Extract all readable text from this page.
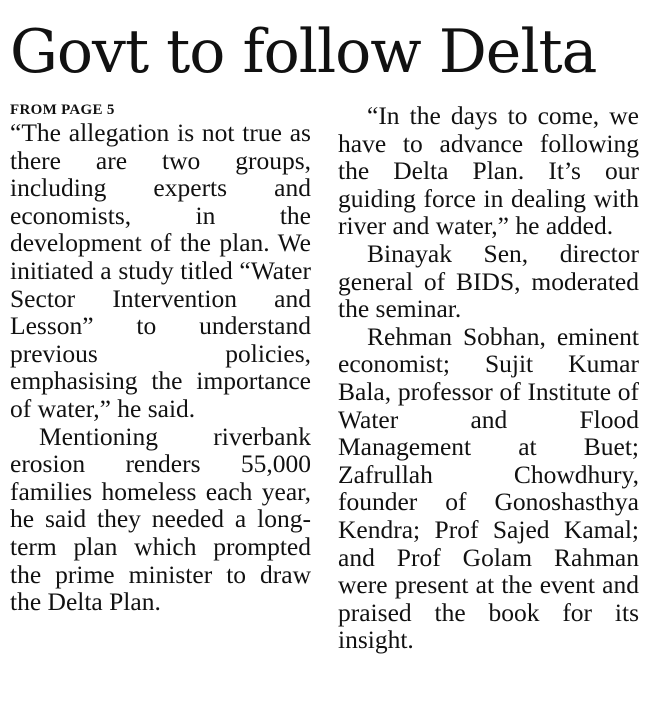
Govt to follow Delta
FROM PAGE 5

“The allegation is not true as there are two groups, including experts and economists, in the development of the plan. We initiated a study titled “Water Sector Intervention and Lesson” to understand previous policies, emphasising the importance of water,” he said.

Mentioning riverbank erosion renders 55,000 families homeless each year, he said they needed a long-term plan which prompted the prime minister to draw the Delta Plan.

“In the days to come, we have to advance following the Delta Plan. It’s our guiding force in dealing with river and water,” he added.

Binayak Sen, director general of BIDS, moderated the seminar.

Rehman Sobhan, eminent economist; Sujit Kumar Bala, professor of Institute of Water and Flood Management at Buet; Zafrullah Chowdhury, founder of Gonoshasthya Kendra; Prof Sajed Kamal; and Prof Golam Rahman were present at the event and praised the book for its insight.
